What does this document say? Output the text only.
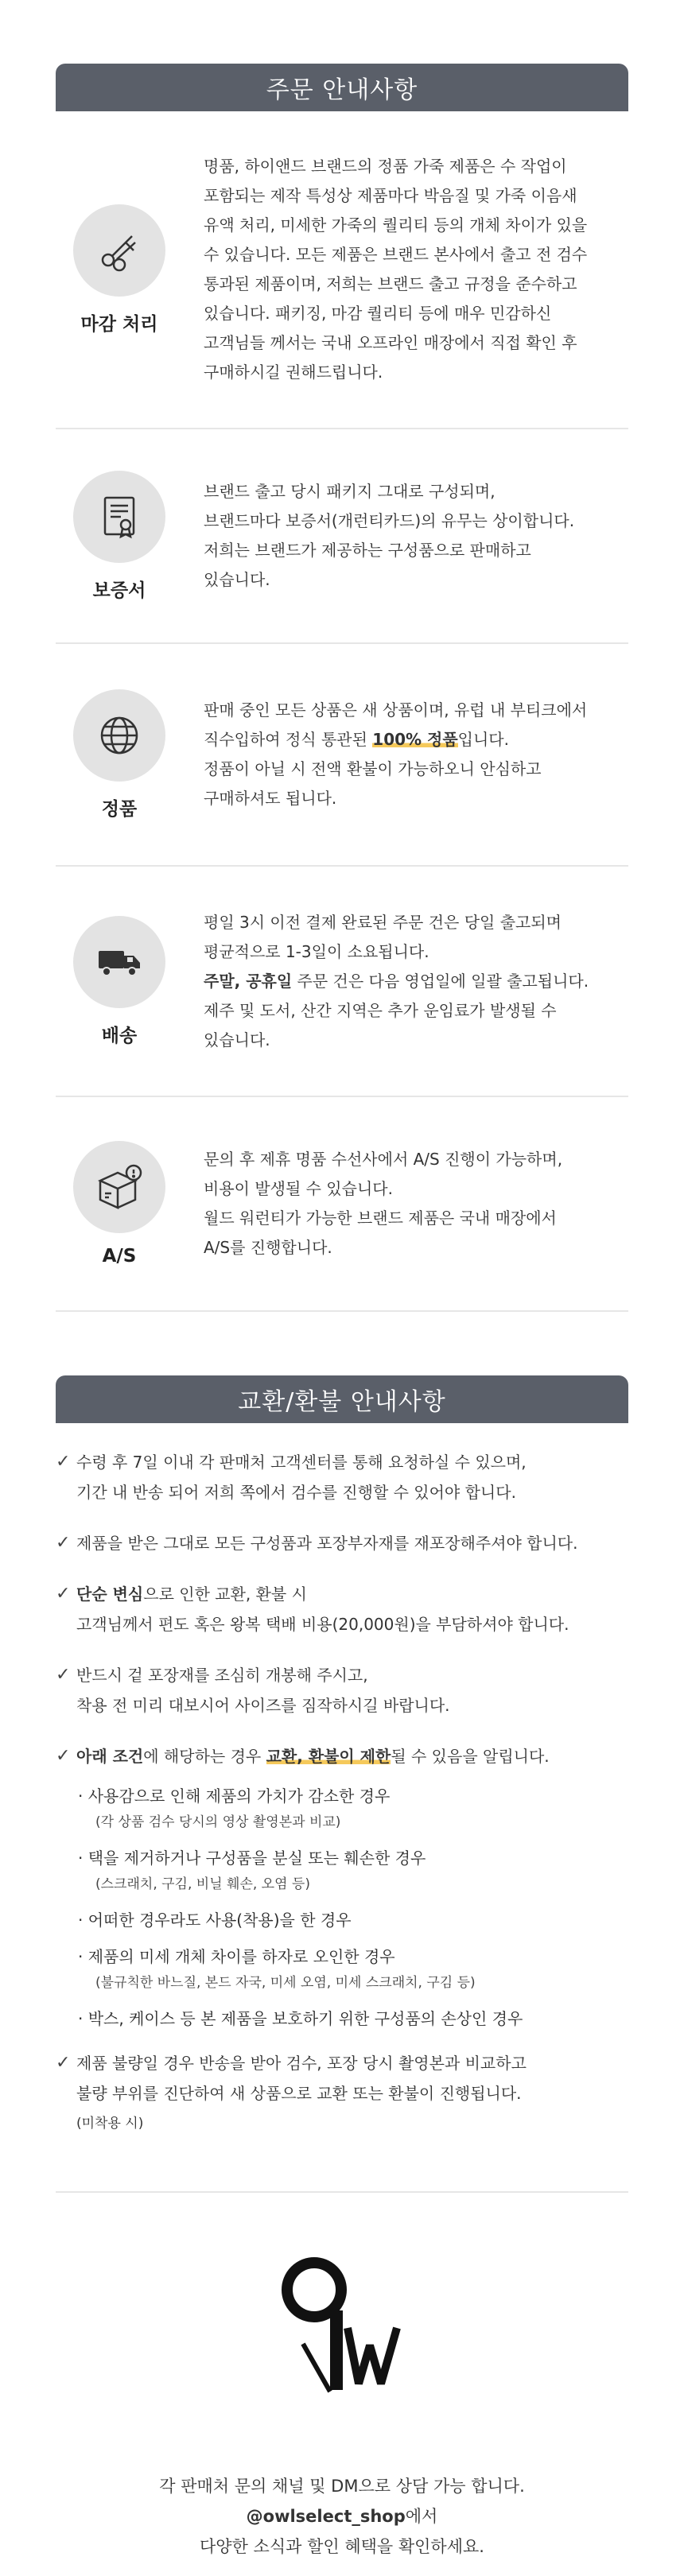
주문 안내사항
마감 처리
명품, 하이앤드 브랜드의 정품 가죽 제품은 수 작업이
포함되는 제작 특성상 제품마다 박음질 및 가죽 이음새
유액 처리, 미세한 가죽의 퀄리티 등의 개체 차이가 있을
수 있습니다. 모든 제품은 브랜드 본사에서 출고 전 검수
통과된 제품이며, 저희는 브랜드 출고 규정을 준수하고
있습니다. 패키징, 마감 퀄리티 등에 매우 민감하신
고객님들 께서는 국내 오프라인 매장에서 직접 확인 후
구매하시길 권해드립니다.
보증서
브랜드 출고 당시 패키지 그대로 구성되며,
브랜드마다 보증서(개런티카드)의 유무는 상이합니다.
저희는 브랜드가 제공하는 구성품으로 판매하고
있습니다.
정품
판매 중인 모든 상품은 새 상품이며, 유럽 내 부티크에서
직수입하여 정식 통관된 100% 정품입니다.
정품이 아닐 시 전액 환불이 가능하오니 안심하고
구매하셔도 됩니다.
배송
평일 3시 이전 결제 완료된 주문 건은 당일 출고되며
평균적으로 1-3일이 소요됩니다.
주말, 공휴일 주문 건은 다음 영업일에 일괄 출고됩니다.
제주 및 도서, 산간 지역은 추가 운임료가 발생될 수
있습니다.
A/S
문의 후 제휴 명품 수선사에서 A/S 진행이 가능하며,
비용이 발생될 수 있습니다.
월드 워런티가 가능한 브랜드 제품은 국내 매장에서
A/S를 진행합니다.
교환/환불 안내사항
✓ 수령 후 7일 이내 각 판매처 고객센터를 통해 요청하실 수 있으며,
기간 내 반송 되어 저희 쪽에서 검수를 진행할 수 있어야 합니다.
✓ 제품을 받은 그대로 모든 구성품과 포장부자재를 재포장해주셔야 합니다.
✓ 단순 변심으로 인한 교환, 환불 시
고객님께서 편도 혹은 왕복 택배 비용(20,000원)을 부담하셔야 합니다.
✓ 반드시 겉 포장재를 조심히 개봉해 주시고,
착용 전 미리 대보시어 사이즈를 짐작하시길 바랍니다.
✓ 아래 조건에 해당하는 경우 교환, 환불이 제한될 수 있음을 알립니다.
· 사용감으로 인해 제품의 가치가 감소한 경우
(각 상품 검수 당시의 영상 촬영본과 비교)
· 택을 제거하거나 구성품을 분실 또는 훼손한 경우
(스크래치, 구김, 비닐 훼손, 오염 등)
· 어떠한 경우라도 사용(착용)을 한 경우
· 제품의 미세 개체 차이를 하자로 오인한 경우
(불규칙한 바느질, 본드 자국, 미세 오염, 미세 스크래치, 구김 등)
· 박스, 케이스 등 본 제품을 보호하기 위한 구성품의 손상인 경우
✓ 제품 불량일 경우 반송을 받아 검수, 포장 당시 촬영본과 비교하고
불량 부위를 진단하여 새 상품으로 교환 또는 환불이 진행됩니다.
(미착용 시)
각 판매처 문의 채널 및 DM으로 상담 가능 합니다.
@owlselect_shop에서
다양한 소식과 할인 혜택을 확인하세요.
